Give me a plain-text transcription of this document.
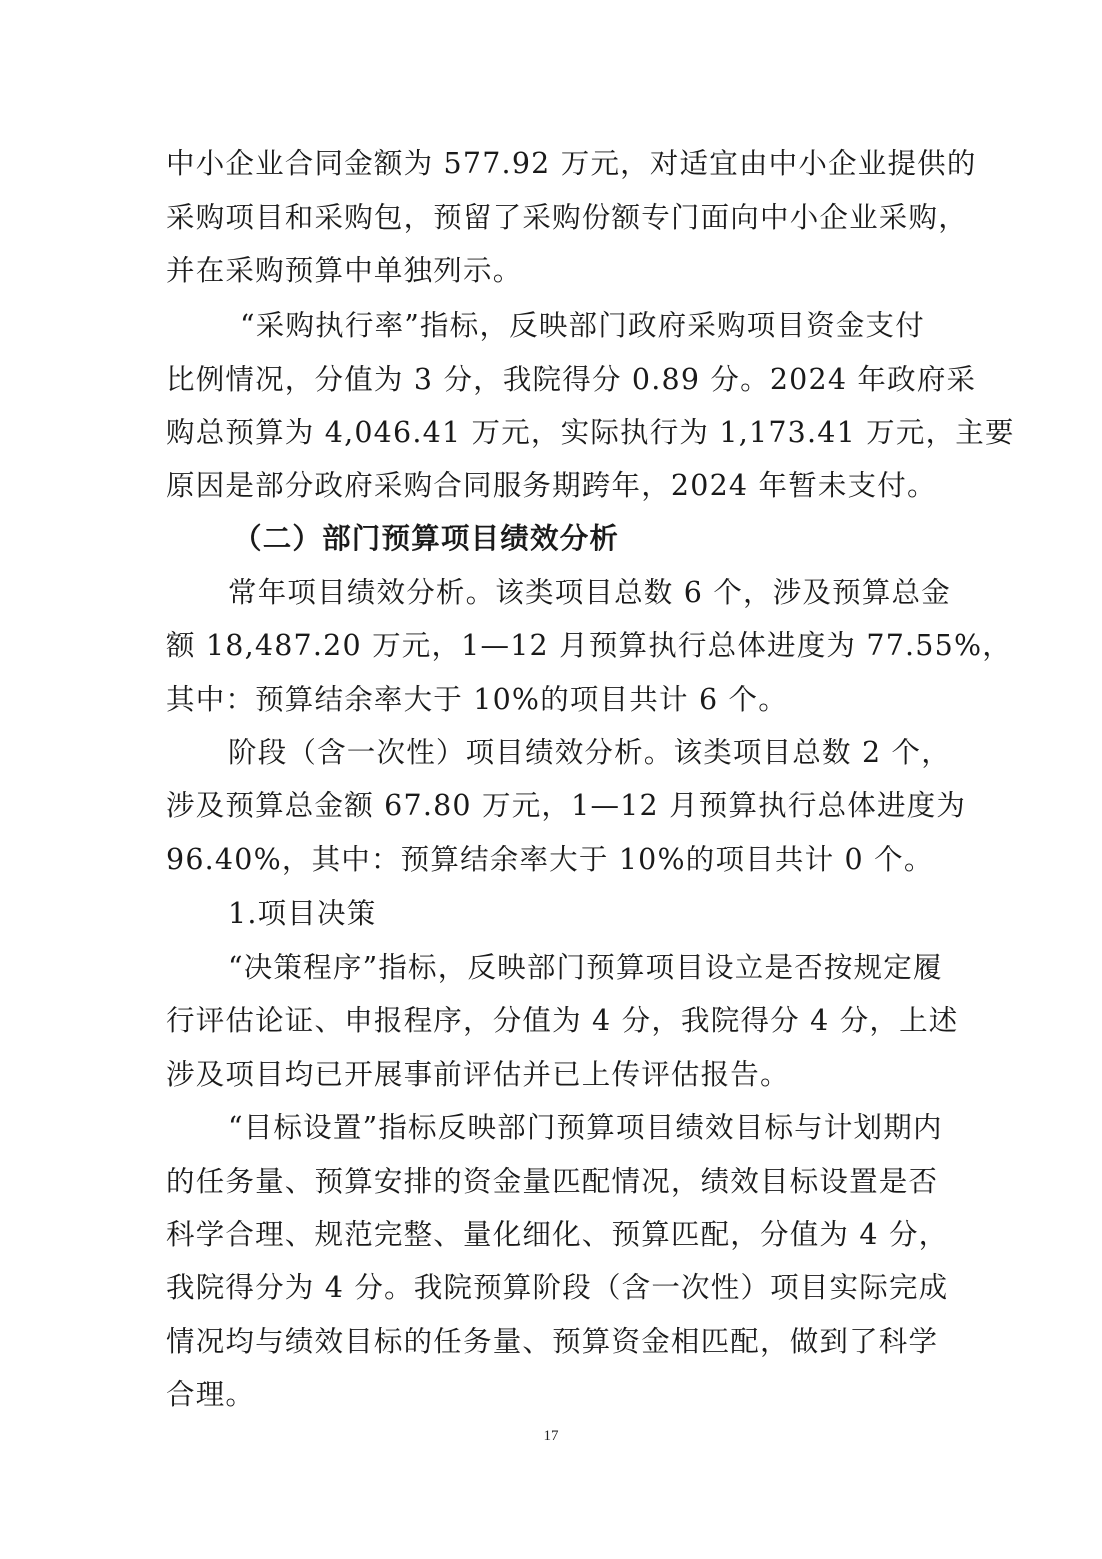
中小企业合同金额为 577.92 万元，对适宜由中小企业提供的
采购项目和采购包，预留了采购份额专门面向中小企业采购，
并在采购预算中单独列示。
“采购执行率”指标，反映部门政府采购项目资金支付
比例情况，分值为 3 分，我院得分 0.89 分。2024 年政府采
购总预算为 4,046.41 万元，实际执行为 1,173.41 万元，主要
原因是部分政府采购合同服务期跨年，2024 年暂未支付。
（二）部门预算项目绩效分析
常年项目绩效分析。该类项目总数 6 个，涉及预算总金
额 18,487.20 万元，1—12 月预算执行总体进度为 77.55%，
其中：预算结余率大于 10%的项目共计 6 个。
阶段（含一次性）项目绩效分析。该类项目总数 2 个，
涉及预算总金额 67.80 万元，1—12 月预算执行总体进度为
96.40%，其中：预算结余率大于 10%的项目共计 0 个。
1.项目决策
“决策程序”指标，反映部门预算项目设立是否按规定履
行评估论证、申报程序，分值为 4 分，我院得分 4 分，上述
涉及项目均已开展事前评估并已上传评估报告。
“目标设置”指标反映部门预算项目绩效目标与计划期内
的任务量、预算安排的资金量匹配情况，绩效目标设置是否
科学合理、规范完整、量化细化、预算匹配，分值为 4 分，
我院得分为 4 分。我院预算阶段（含一次性）项目实际完成
情况均与绩效目标的任务量、预算资金相匹配，做到了科学
合理。
17
